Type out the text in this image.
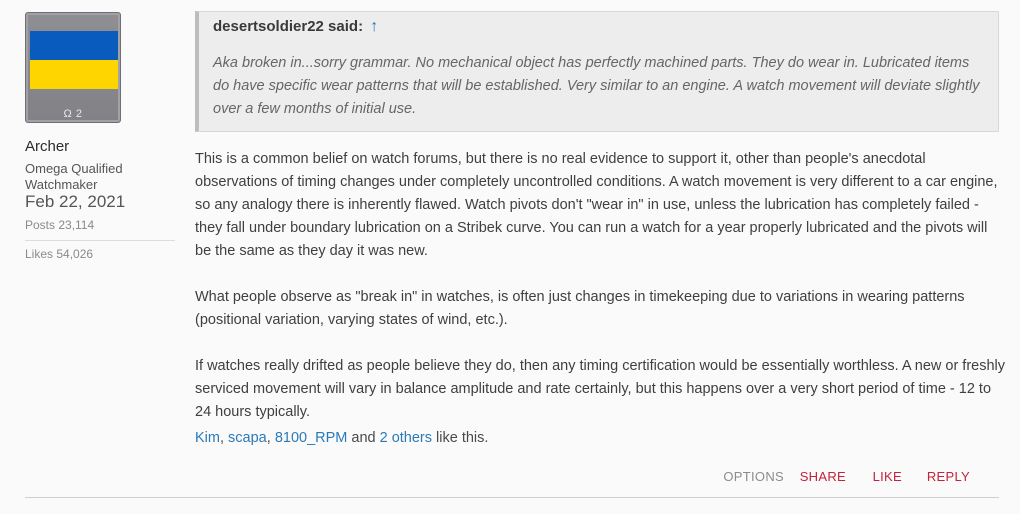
Ω 2
Archer
Omega Qualified Watchmaker
Feb 22, 2021
Posts 23,114
Likes 54,026
desertsoldier22 said: ↑
Aka broken in...sorry grammar. No mechanical object has perfectly machined parts. They do wear in. Lubricated items do have specific wear patterns that will be established. Very similar to an engine. A watch movement will deviate slightly over a few months of initial use.

This is a common belief on watch forums, but there is no real evidence to support it, other than people's anecdotal observations of timing changes under completely uncontrolled conditions. A watch movement is very different to a car engine, so any analogy there is inherently flawed. Watch pivots don't "wear in" in use, unless the lubrication has completely failed - they fall under boundary lubrication on a Stribek curve. You can run a watch for a year properly lubricated and the pivots will be the same as they day it was new.

What people observe as "break in" in watches, is often just changes in timekeeping due to variations in wearing patterns (positional variation, varying states of wind, etc.).

If watches really drifted as people believe they do, then any timing certification would be essentially worthless. A new or freshly serviced movement will vary in balance amplitude and rate certainly, but this happens over a very short period of time - 12 to 24 hours typically.

Kim, scapa, 8100_RPM and 2 others like this.
OPTIONS SHARE LIKE REPLY
